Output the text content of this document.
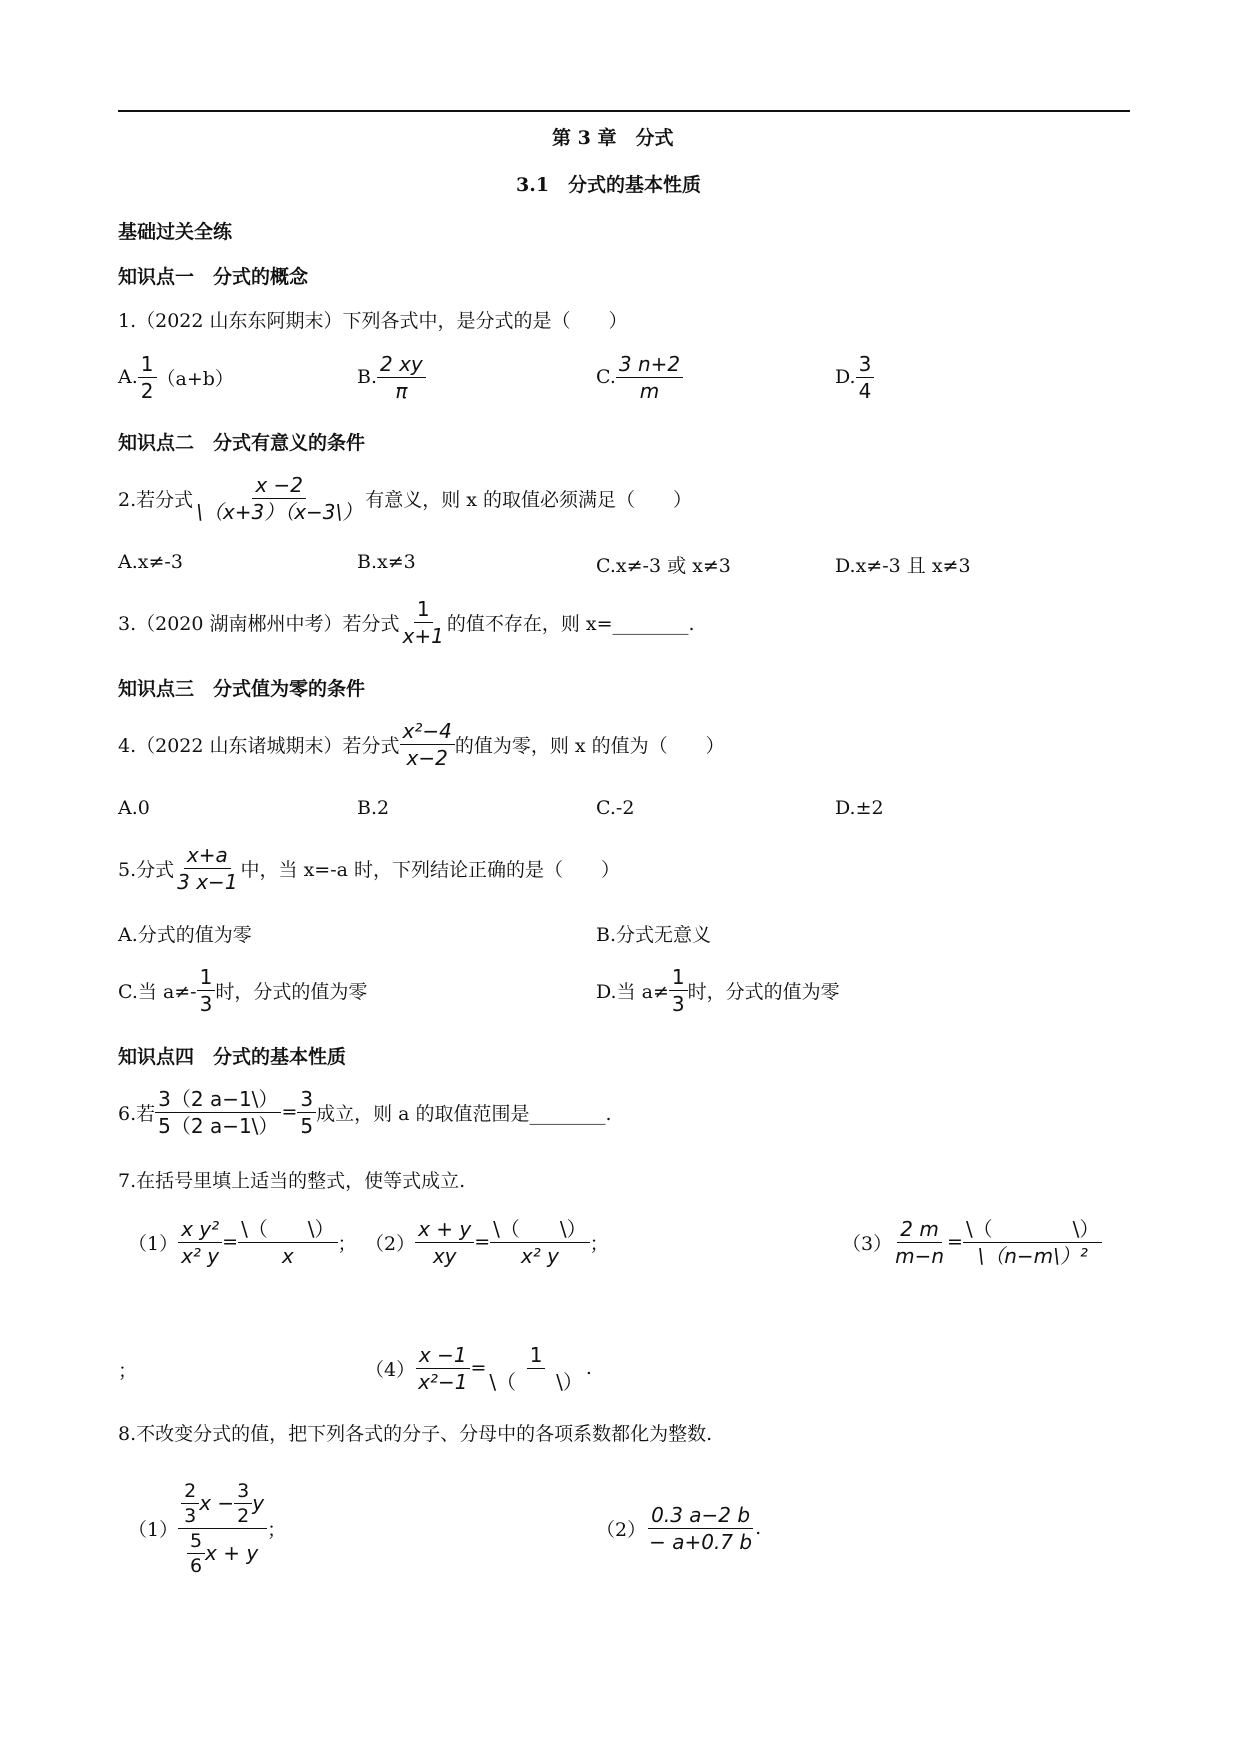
第 3 章　分式
3.1　分式的基本性质
基础过关全练
知识点一　分式的概念
1.（2022 山东东阿期末）下列各式中，是分式的是（　　）
A. $\frac{1}{2} (a+b)$	B. $\frac{2 xy}{\pi}$	C. $\frac{3 n+2}{m}$	D. $\frac{3}{4}$
知识点二　分式有意义的条件
2.若分式 $\frac{x -2}{\backslash(x+3)(x-3\backslash)}$ 有意义，则 x 的取值必须满足（　　）
A.x≠-3	B.x≠3	C.x≠-3 或 x≠3	D.x≠-3 且 x≠3
3.（2020 湖南郴州中考）若分式 $\frac{1}{x+1}$ 的值不存在，则 x=________.
知识点三　分式值为零的条件
4.（2022 山东诸城期末）若分式 $\frac{\text{x²−4}}{x-2}$ 的值为零，则 x 的值为（　　）
A.0	B.2	C.-2	D.±2
5.分式 $\frac{x+a}{3 x-1}$ 中，当 x=-a 时，下列结论正确的是（　　）
A.分式的值为零	B.分式无意义
C.当 $a\ne- \frac{1}{3}$ 时，分式的值为零	D.当 $a\ne \frac{1}{3}$ 时，分式的值为零
知识点四　分式的基本性质
6.若 $\frac{3(2 a-1\backslash)}{5(2 a-1\backslash)} = \frac{3}{5}$ 成立，则 a 的取值范围是________.
7.在括号里填上适当的整式，使等式成立.
$(1) \frac{\text{x y²}}{\text{x² y}} = \frac{\backslash( \backslash)}{x}$ ； $(2) \frac{x + y}{xy} = \frac{\backslash( \backslash)}{\text{x² y}}$ ；	$(3) \frac{2 m}{m-n} = \frac{\backslash( \backslash)}{\text{\textbackslash{}（n−m\textbackslash{}）²}}$
；	$(4) \frac{x -1}{\text{x²−1}} = \frac{1}{\backslash( \backslash)}$ .
8.不改变分式的值，把下列各式的分子、分母中的各项系数都化为整数.
$(1) \frac{\frac{2}{3} x - \frac{3}{2} y}{\frac{5}{6} x + y}$ ；	$(2) \frac{0.3 a-2 b}{- a+0.7 b}$ .
